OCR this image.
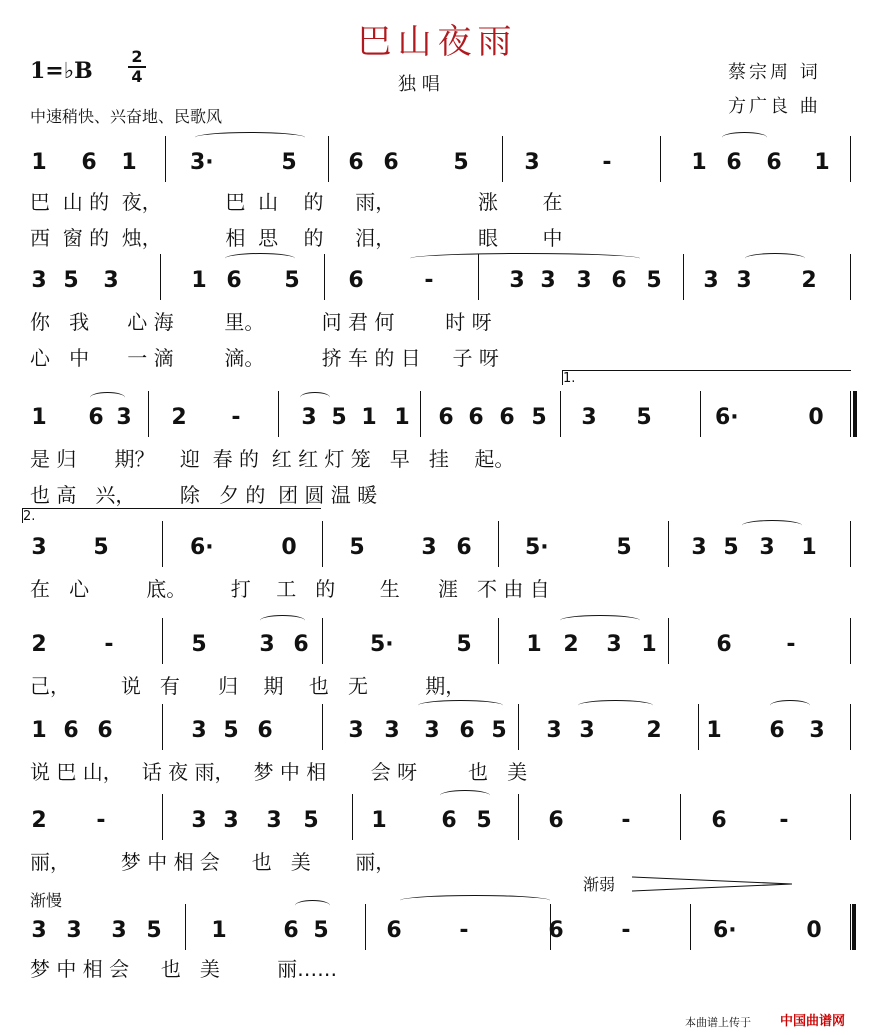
巴山夜雨
1=♭B
2
4	独 唱
蔡宗周 词
方广良 曲
中速稍快、兴奋地、民歌风
1 6 1 3·	5 6 6 5	3	-	1 6 6 1
巴  山 的  夜，          巴  山    的     雨，             涨       在
西  窗 的  烛，          相  思    的     泪，             眼       中
3 5 3	1 6 5 6	-	3 3 3 6 5 3 3 2
你   我      心 海        里。         问 君 何        时 呀
心   中      一 滴        滴。         挤 车 的 日     子 呀
1 6 3 2 -	3 5 1 1 6 6 6 5 3 5	6·	0
是 归      期？    迎  春 的  红 红 灯 笼   早   挂    起。
也 高   兴，       除   夕 的  团 圆 温 暖
3 5	6·	0 5	3 6 5·	5	3 5 3 1
在   心         底。       打    工   的       生      涯   不 由 自
2	-	5 3 6	5·	5 1 2 3 1	6 -
己，        说   有      归    期    也   无         期，
1 6 6	3 5 6	3 3 3 6 5 3 3 2 1 6 3
说 巴 山，   话 夜 雨，   梦 中 相       会 呀        也   美
2 -	3 3 3 5 1 6 5	6	-	6 -
丽，        梦 中 相 会     也   美       丽，
3 3 3 5 1	6 5	6	-	6	-	6·	0
梦 中 相 会     也   美         丽……
1.
2.
渐弱
渐慢
本曲谱上传于 中国曲谱网
